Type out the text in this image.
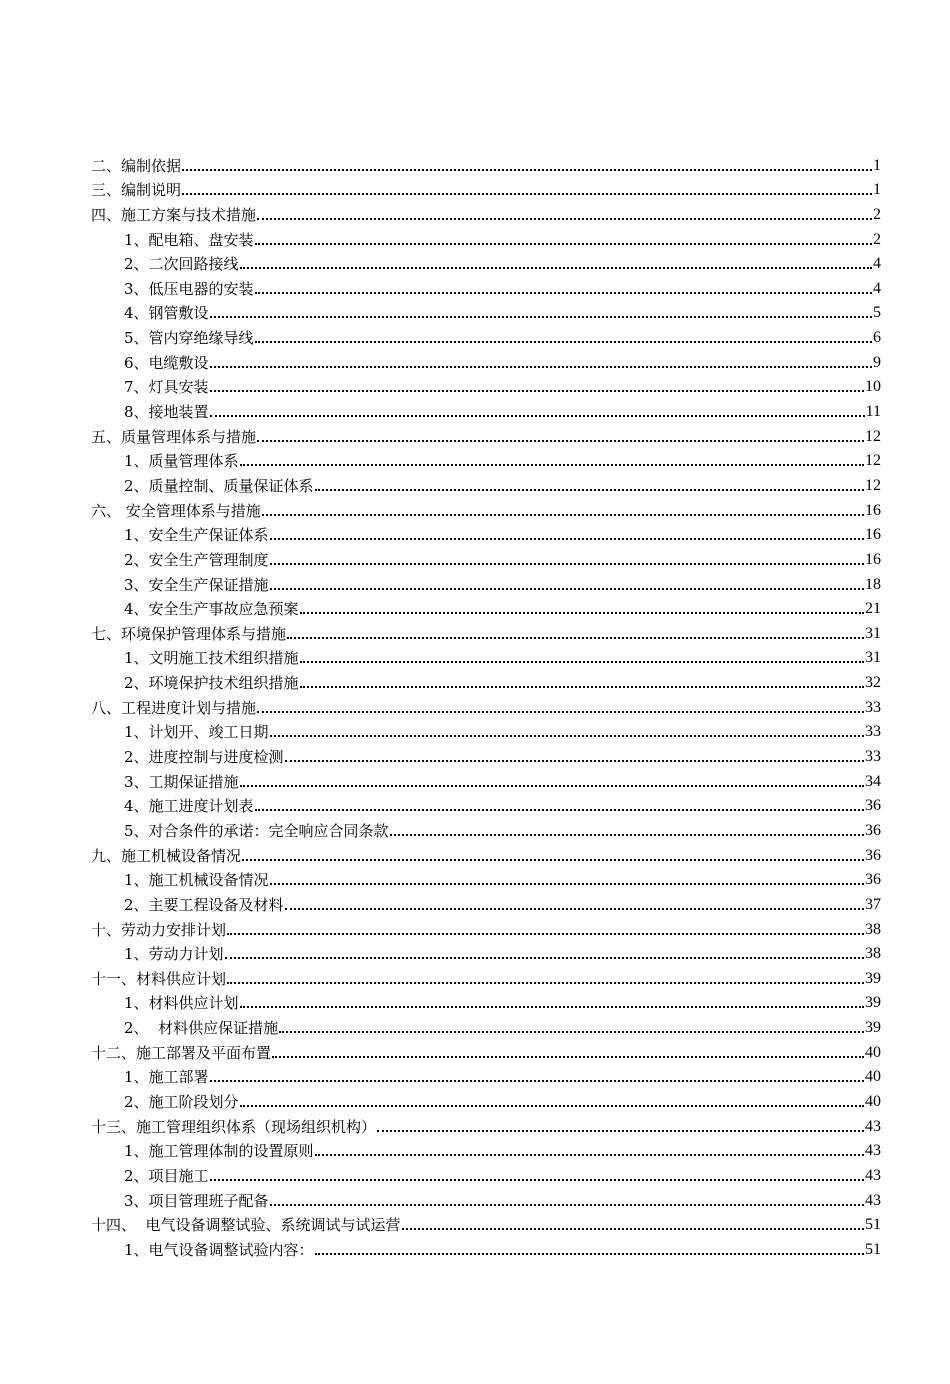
二、编制依据	1
三、编制说明	1
四、施工方案与技术措施	2
1、配电箱、盘安装	2
2、二次回路接线	4
3、低压电器的安装	4
4、钢管敷设	5
5、管内穿绝缘导线	6
6、电缆敷设	9
7、灯具安装	10
8、接地装置	11
五、质量管理体系与措施	12
1、质量管理体系	12
2、质量控制、质量保证体系	12
六、 安全管理体系与措施	16
1、安全生产保证体系	16
2、安全生产管理制度	16
3、安全生产保证措施	18
4、安全生产事故应急预案	21
七、环境保护管理体系与措施	31
1、文明施工技术组织措施	31
2、环境保护技术组织措施	32
八、工程进度计划与措施	33
1、计划开、竣工日期	33
2、进度控制与进度检测	33
3、工期保证措施	34
4、施工进度计划表	36
5、对合条件的承诺：完全响应合同条款	36
九、施工机械设备情况	36
1、施工机械设备情况	36
2、主要工程设备及材料	37
十、劳动力安排计划	38
1、劳动力计划	38
十一、材料供应计划	39
1、材料供应计划	39
2、  材料供应保证措施	39
十二、施工部署及平面布置	40
1、施工部署	40
2、施工阶段划分	40
十三、施工管理组织体系（现场组织机构）	43
1、施工管理体制的设置原则	43
2、项目施工	43
3、项目管理班子配备	43
十四、  电气设备调整试验、系统调试与试运营	51
1、电气设备调整试验内容：	51
